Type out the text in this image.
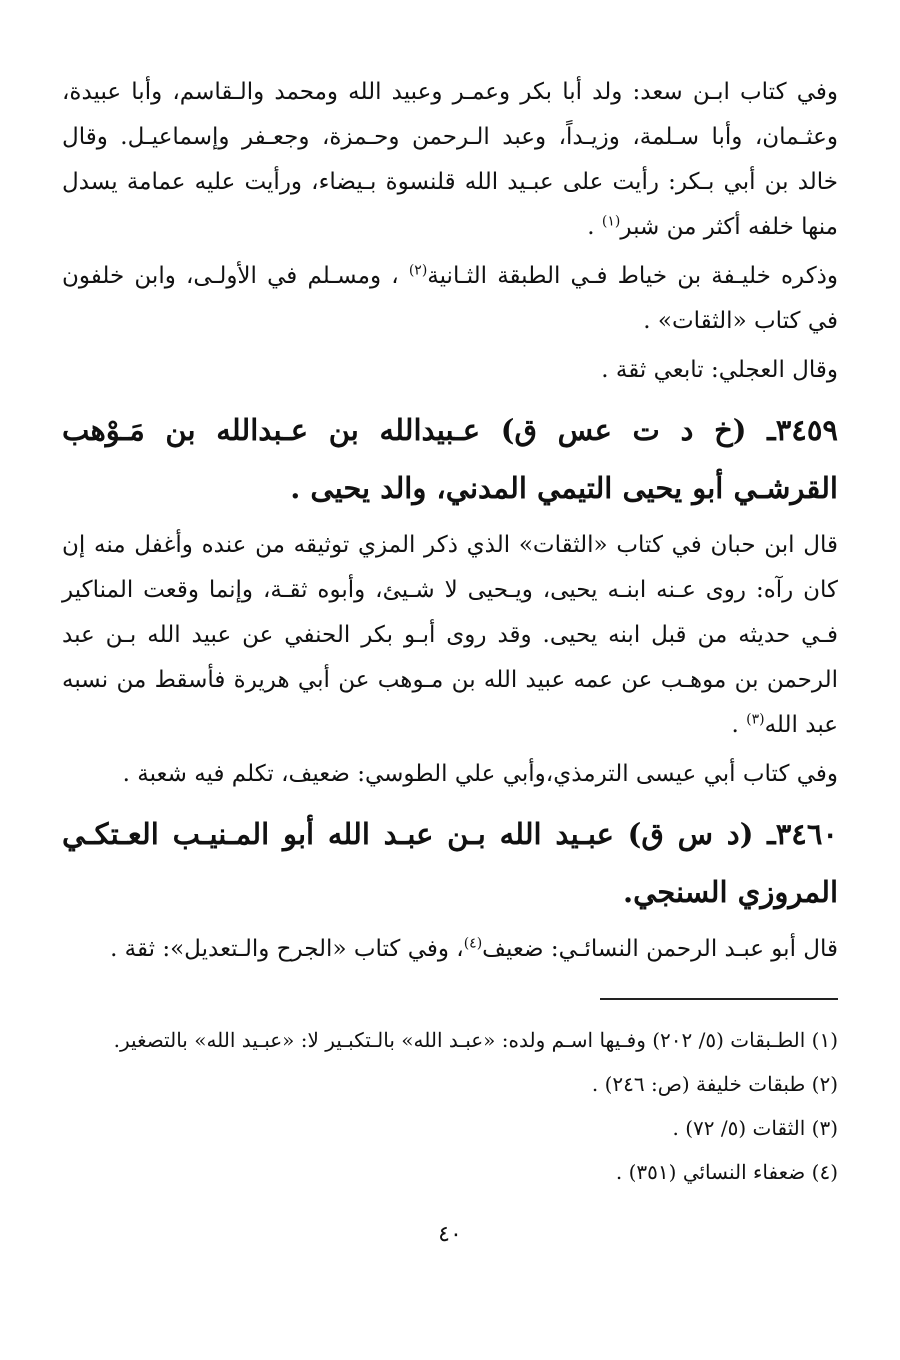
وفي كتاب ابـن سعد: ولد أبا بكر وعمـر وعبيد الله ومحمد والـقاسم، وأبا عبيدة، وعثـمان، وأبا سـلمة، وزيـداً، وعبد الـرحمن وحـمزة، وجعـفر وإسماعيـل. وقال خالد بن أبي بـكر: رأيت على عبـيد الله قلنسوة بـيضاء، ورأيت عليه عمامة يسدل منها خلفه أكثر من شبر$^{(١)}$ .

وذكره خليـفة بن خياط فـي الطبقة الثـانية$^{(٢)}$ ، ومسـلم في الأولـى، وابن خلفون في كتاب «الثقات» .

وقال العجلي: تابعي ثقة .

٣٤٥٩ـ (خ د ت عس ق) عـبيدالله بن عـبدالله بن مَـوْهب القرشـي أبو يحيى التيمي المدني، والد يحيى .

قال ابن حبان في كتاب «الثقات» الذي ذكر المزي توثيقه من عنده وأغفل منه إن كان رآه: روى عـنه ابنـه يحيى، ويـحيى لا شـيئ، وأبوه ثقـة، وإنما وقعت المناكير فـي حديثه من قبل ابنه يحيى. وقد روى أبـو بكر الحنفي عن عبيد الله بـن عبد الرحمن بن موهـب عن عمه عبيد الله بن مـوهب عن أبي هريرة فأسقط من نسبه عبد الله$^{(٣)}$ .

وفي كتاب أبي عيسى الترمذي،وأبي علي الطوسي: ضعيف، تكلم فيه شعبة .

٣٤٦٠ـ (د س ق) عبـيد الله بـن عبـد الله أبو المـنيـب العـتكـي المروزي السنجي.

قال أبو عبـد الرحمن النسائـي: ضعيف$^{(٤)}$، وفي كتاب «الجرح والـتعديل»: ثقة .

(١) الطـبقات (٥/ ٢٠٢) وفـيها اسـم ولده: «عبـد الله» بالـتكبـير لا: «عبـيد الله» بالتصغير.

(٢) طبقات خليفة (ص: ٢٤٦) .

(٣) الثقات (٥/ ٧٢) .

(٤) ضعفاء النسائي (٣٥١) .

٤٠
